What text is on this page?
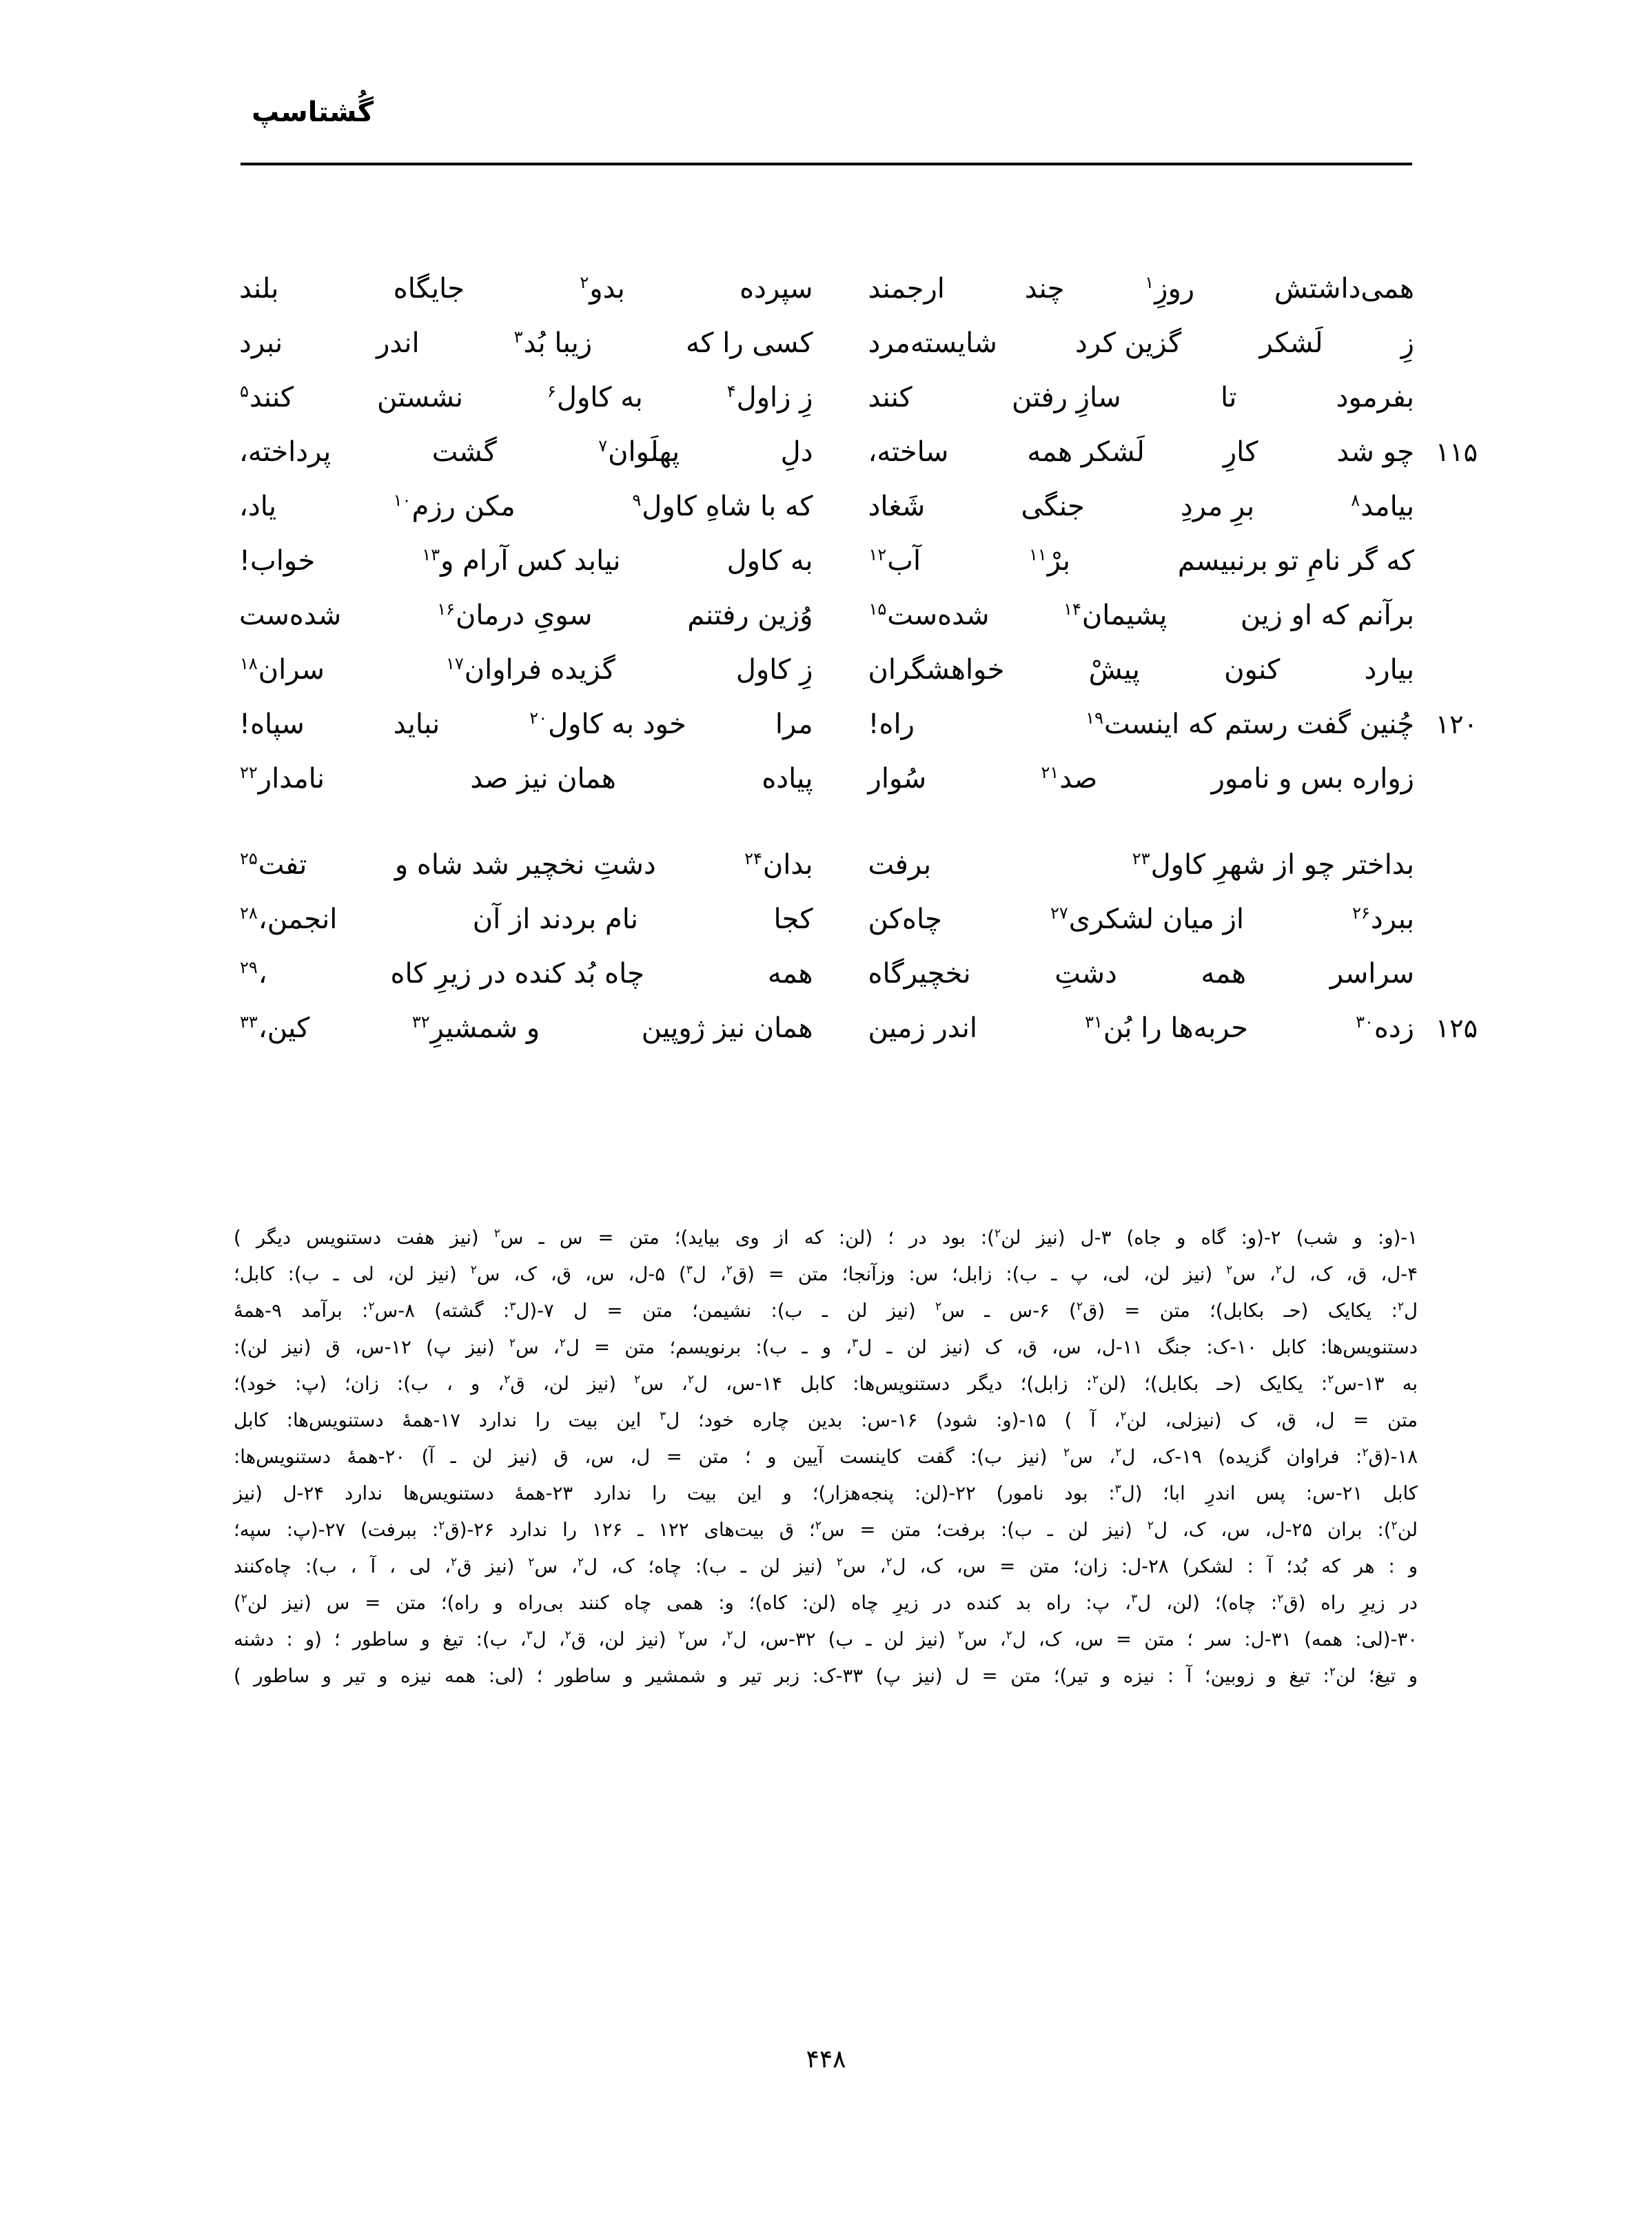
گُشتاسپ
همی‌داشتش
روزِ$^۱$
چند
ارجمند
سپرده
بدو$^۲$
جایگاه
بلند
زِ
لَشکر
گزین کرد
شایسته‌مرد
کسی را که
زیبا بُد$^۳$
اندر
نبرد
بفرمود
تا
سازِ رفتن
کنند
زِ زاول$^۴$
به کاول$^۶$
نشستن
کنند$^۵$
۱۱۵
چو شد
کارِ
لَشکر همه
ساخته،
دلِ
پهلَوان$^۷$
گشت
پرداخته،
بیامد$^۸$
برِ مردِ
جنگی
شَغاد
که با شاهِ کاول$^۹$
مکن رزم$^{۱۰}$
یاد،
که گر نامِ تو برنبیسم
برْ$^{۱۱}$
آب$^{۱۲}$
به کاول
نیابد کس آرام و$^{۱۳}$
خواب!
برآنم که او زین
پشیمان$^{۱۴}$
شده‌ست$^{۱۵}$
وُزین رفتنم
سویِ درمان$^{۱۶}$
شده‌ست
بیارد
کنون
پیشْ
خواهشگران
زِ کاول
گزیده فراوان$^{۱۷}$
سران$^{۱۸}$
۱۲۰
چُنین گفت رستم که اینست$^{۱۹}$
راه!
مرا
خود به کاول$^{۲۰}$
نباید
سپاه!
زواره بس و نامور
صد$^{۲۱}$
سُوار
پیاده
همان نیز صد
نامدار$^{۲۲}$
بداختر چو از شهرِ کاول$^{۲۳}$
برفت
بدان$^{۲۴}$
دشتِ نخچیر شد شاه و
تفت$^{۲۵}$
ببرد$^{۲۶}$
از میان لشکری$^{۲۷}$
چاه‌کن
کجا
نام بردند از آن
انجمن،$^{۲۸}$
سراسر
همه
دشتِ
نخچیرگاه
همه
چاه بُد کنده در زیرِ کاه
،$^{۲۹}$
۱۲۵
زده$^{۳۰}$
حربه‌ها را بُن$^{۳۱}$
اندر زمین
همان نیز ژوپین
و شمشیرِ$^{۳۲}$
کین،$^{۳۳}$

۱-(و: و شب) ۲-(و: گاه و جاه) ۳-ل (نیز لن$^۲$): بود در ؛ (لن: که از وی بیاید)؛ متن = س ـ س$^۲$ (نیز هفت دستنویس دیگر )

۴-ل، ق، ک، ل$^۲$، س$^۲$ (نیز لن، لی، پ ـ ب): زابل؛ س: وزآنجا؛ متن = (ق$^۲$، ل$^۳$) ۵-ل، س، ق، ک، س$^۲$ (نیز لن، لی ـ ب): کابل؛

ل$^۲$: یکایک (حـ بکابل)؛ متن = (ق$^۲$) ۶-س ـ س$^۲$ (نیز لن ـ ب): نشیمن؛ متن = ل ۷-(ل$^۳$: گشته) ۸-س$^۲$: برآمد ۹-همهٔ

دستنویس‌ها: کابل ۱۰-ک: جنگ ۱۱-ل، س، ق، ک (نیز لن ـ ل$^۳$، و ـ ب): برنویسم؛ متن = ل$^۲$، س$^۲$ (نیز پ) ۱۲-س، ق (نیز لن):

به ۱۳-س$^۲$: یکایک (حـ بکابل)؛ (لن$^۲$: زابل)؛ دیگر دستنویس‌ها: کابل ۱۴-س، ل$^۲$، س$^۲$ (نیز لن، ق$^۲$، و ، ب): زان؛ (پ: خود)؛

متن = ل، ق، ک (نیزلی، لن$^۲$، آ ) ۱۵-(و: شود) ۱۶-س: بدین چاره خود؛ ل$^۳$ این بیت را ندارد ۱۷-همهٔ دستنویس‌ها: کابل

۱۸-(ق$^۲$: فراوان گزیده) ۱۹-ک، ل$^۲$، س$^۲$ (نیز ب): گفت کاینست آیین و ؛ متن = ل، س، ق (نیز لن ـ آ) ۲۰-همهٔ دستنویس‌ها:

کابل ۲۱-س: پس اندرِ ابا؛ (ل$^۳$: بود نامور) ۲۲-(لن: پنجه‌هزار)؛ و این بیت را ندارد ۲۳-همهٔ دستنویس‌ها ندارد ۲۴-ل (نیز

لن$^۲$): بران ۲۵-ل، س، ک، ل$^۲$ (نیز لن ـ ب): برفت؛ متن = س$^۲$؛ ق بیت‌های ۱۲۲ ـ ۱۲۶ را ندارد ۲۶-(ق$^۲$: ببرفت) ۲۷-(پ: سپه؛

و : هر که بُد؛ آ : لشکر) ۲۸-ل: زان؛ متن = س، ک، ل$^۲$، س$^۲$ (نیز لن ـ ب): چاه؛ ک، ل$^۲$، س$^۲$ (نیز ق$^۲$، لی ، آ ، ب): چاه‌کنند

در زیرِ راه (ق$^۲$: چاه)؛ (لن، ل$^۳$، پ: راه بد کنده در زیرِ چاه (لن: کاه)؛ و: همی چاه کنند بی‌راه و راه)؛ متن = س (نیز لن$^۲$)

۳۰-(لی: همه) ۳۱-ل: سر ؛ متن = س، ک، ل$^۲$، س$^۲$ (نیز لن ـ ب) ۳۲-س، ل$^۲$، س$^۲$ (نیز لن، ق$^۲$، ل$^۳$، ب): تیغ و ساطور ؛ (و : دشنه

و تیغ؛ لن$^۲$: تیغ و زوبین؛ آ : نیزه و تیر)؛ متن = ل (نیز پ) ۳۳-ک: زبر تیر و شمشیر و ساطور ؛ (لی: همه نیزه و تیر و ساطور )

۴۴۸
